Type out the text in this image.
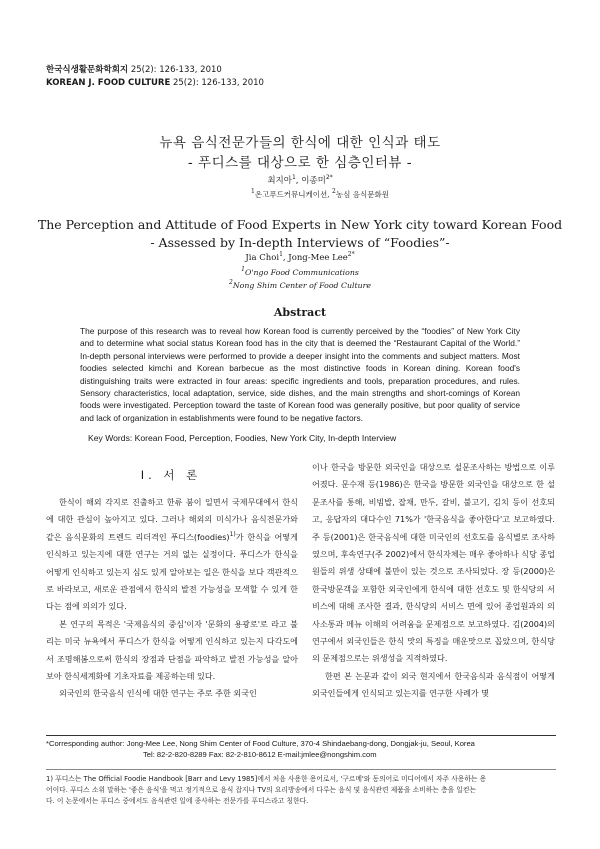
한국식생활문화학회지 25(2): 126-133, 2010
KOREAN J. FOOD CULTURE 25(2): 126-133, 2010
뉴욕 음식전문가들의 한식에 대한 인식과 태도
- 푸디스를 대상으로 한 심층인터뷰 -
최지아$^1$, 이종미$^{2*}$
$^1$온고푸드커뮤니케이션, $^2$농심 음식문화원
The Perception and Attitude of Food Experts in New York city toward Korean Food
- Assessed by In-depth Interviews of “Foodies”-
Jia Choi$^1$, Jong-Mee Lee$^{2*}$
$^1$O'ngo Food Communications
$^2$Nong Shim Center of Food Culture
Abstract
The purpose of this research was to reveal how Korean food is currently perceived by the “foodies” of New York City and to determine what social status Korean food has in the city that is deemed the “Restaurant Capital of the World.” In-depth personal interviews were performed to provide a deeper insight into the comments and subject matters. Most foodies selected kimchi and Korean barbecue as the most distinctive foods in Korean dining. Korean food's distinguishing traits were extracted in four areas: specific ingredients and tools, preparation procedures, and rules. Sensory characteristics, local adaptation, service, side dishes, and the main strengths and short-comings of Korean foods were investigated. Perception toward the taste of Korean food was generally positive, but poor quality of service and lack of organization in establishments were found to be negative factors.
Key Words: Korean Food, Perception, Foodies, New York City, In-depth Interview
I. 서 론

한식이 해외 각지로 진출하고 한류 붐이 일면서 국제무대에서 한식에 대한 관심이 높아지고 있다. 그러나 해외의 미식가나 음식전문가와 같은 음식문화의 트렌드 리더격인 푸디스(foodies)$^{1)}$가 한식을 어떻게 인식하고 있는지에 대한 연구는 거의 없는 실정이다. 푸디스가 한식을 어떻게 인식하고 있는지 심도 있게 알아보는 일은 한식을 보다 객관적으로 바라보고, 새로운 관점에서 한식의 발전 가능성을 모색할 수 있게 한다는 점에 의의가 있다.

본 연구의 목적은 '국제음식의 중심'이자 '문화의 용광로'로 라고 불리는 미국 뉴욕에서 푸디스가 한식을 어떻게 인식하고 있는지 다각도에서 조명해봄으로써 한식의 장점과 단점을 파악하고 발전 가능성을 알아보아 한식세계화에 기초자료를 제공하는데 있다.

외국인의 한국음식 인식에 대한 연구는 주로 주한 외국인

이나 한국을 방문한 외국인을 대상으로 설문조사하는 방법으로 이루어졌다. 문수재 등(1986)은 한국을 방문한 외국인을 대상으로 한 설문조사를 통해, 비빔밥, 잡채, 만두, 갈비, 불고기, 김치 등이 선호되고, 응답자의 대다수인 71%가 '한국음식을 좋아한다'고 보고하였다. 주 등(2001)은 한국음식에 대한 미국인의 선호도를 음식별로 조사하였으며, 후속연구(주 2002)에서 한식자체는 매우 좋아하나 식당 종업원들의 위생 상태에 불만이 있는 것으로 조사되었다. 장 등(2000)은 한국방문객을 포함한 외국인에게 한식에 대한 선호도 및 한식당의 서비스에 대해 조사한 결과, 한식당의 서비스 면에 있어 종업원과의 의사소통과 메뉴 이해의 어려움을 문제점으로 보고하였다. 김(2004)의 연구에서 외국인들은 한식 맛의 특징을 매운맛으로 꼽았으며, 한식당의 문제점으로는 위생성을 지적하였다.

한편 본 논문과 같이 외국 현지에서 한국음식과 음식점이 어떻게 외국인들에게 인식되고 있는지를 연구한 사례가 몇

*Corresponding author: Jong-Mee Lee, Nong Shim Center of Food Culture, 370-4 Shindaebang-dong, Dongjak-ju, Seoul, Korea
Tel: 82-2-820-8289 Fax: 82-2-810-8612 E-mail:jmlee@nongshim.com
1) 푸디스는 The Official Foodie Handbook [Barr and Levy 1985]에서 처음 사용한 용어로서, '구르메'와 동의어로 미디어에서 자주 사용하는 용
어이다. 푸디스 소위 말하는 '좋은 음식'을 먹고 정기적으로 음식 잡지나 TV의 요리방송에서 다루는 음식 및 음식관련 제품을 소비하는 층을 일컫는
다. 이 논문에서는 푸디스 중에서도 음식관련 일에 종사하는 전문가를 푸디스라고 칭한다.
